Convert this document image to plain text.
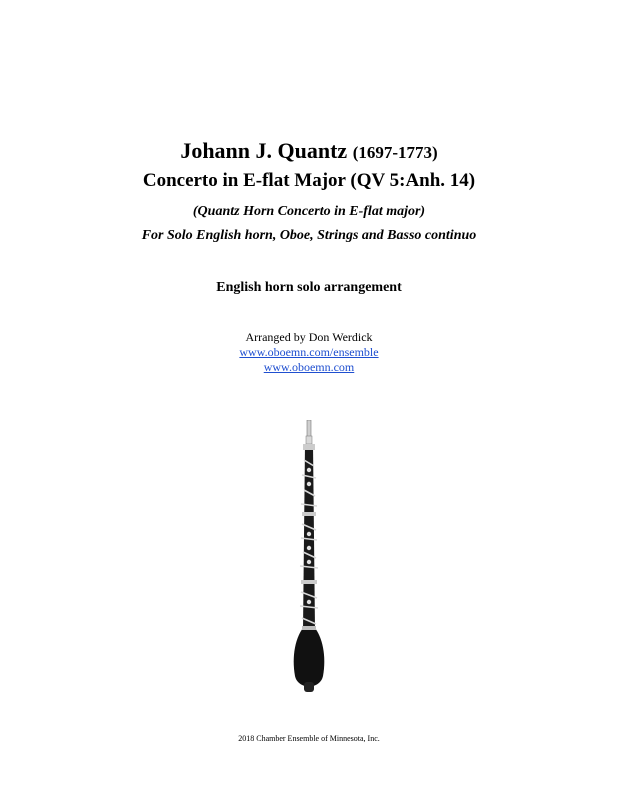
Johann J. Quantz (1697-1773)
Concerto in E-flat Major (QV 5:Anh. 14)
(Quantz Horn Concerto in E-flat major)
For Solo English horn, Oboe, Strings and Basso continuo
English horn solo arrangement
Arranged by Don Werdick
www.oboemn.com/ensemble
www.oboemn.com
2018 Chamber Ensemble of Minnesota, Inc.
